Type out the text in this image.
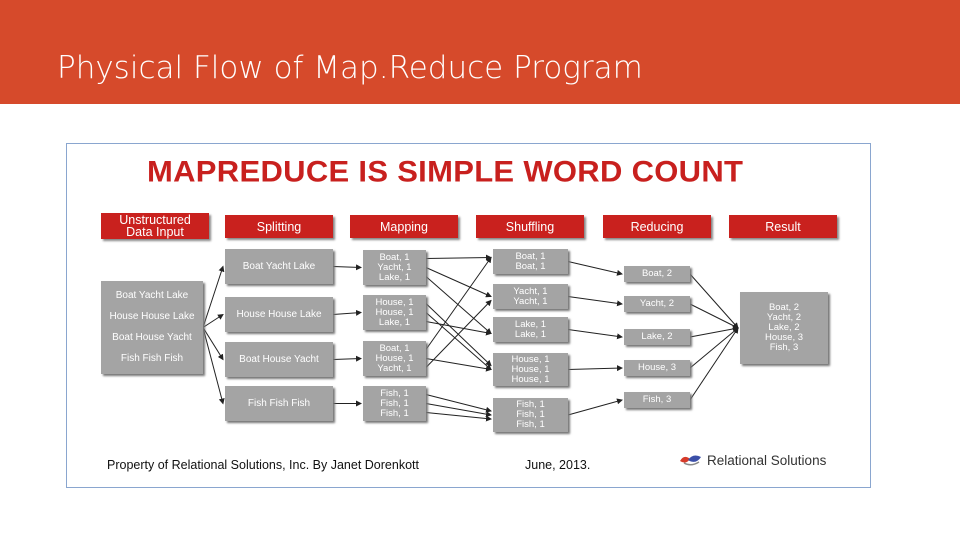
Physical Flow of Map.Reduce Program
MAPREDUCE IS SIMPLE WORD COUNT
Unstructured
Data Input	Splitting	Mapping	Shuffling	Reducing	Result
Boat Yacht Lake
House House Lake
Boat House Yacht
Fish Fish Fish
Boat Yacht Lake
House House Lake
Boat House Yacht
Fish Fish Fish
Boat, 1
Yacht, 1
Lake, 1
House, 1
House, 1
Lake, 1
Boat, 1
House, 1
Yacht, 1
Fish, 1
Fish, 1
Fish, 1
Boat, 1
Boat, 1
Yacht, 1
Yacht, 1
Lake, 1
Lake, 1
House, 1
House, 1
House, 1
Fish, 1
Fish, 1
Fish, 1
Boat, 2
Yacht, 2
Lake, 2
House, 3
Fish, 3
Boat, 2
Yacht, 2
Lake, 2
House, 3
Fish, 3
Property of Relational Solutions, Inc. By Janet Dorenkott	June, 2013.	Relational Solutions
